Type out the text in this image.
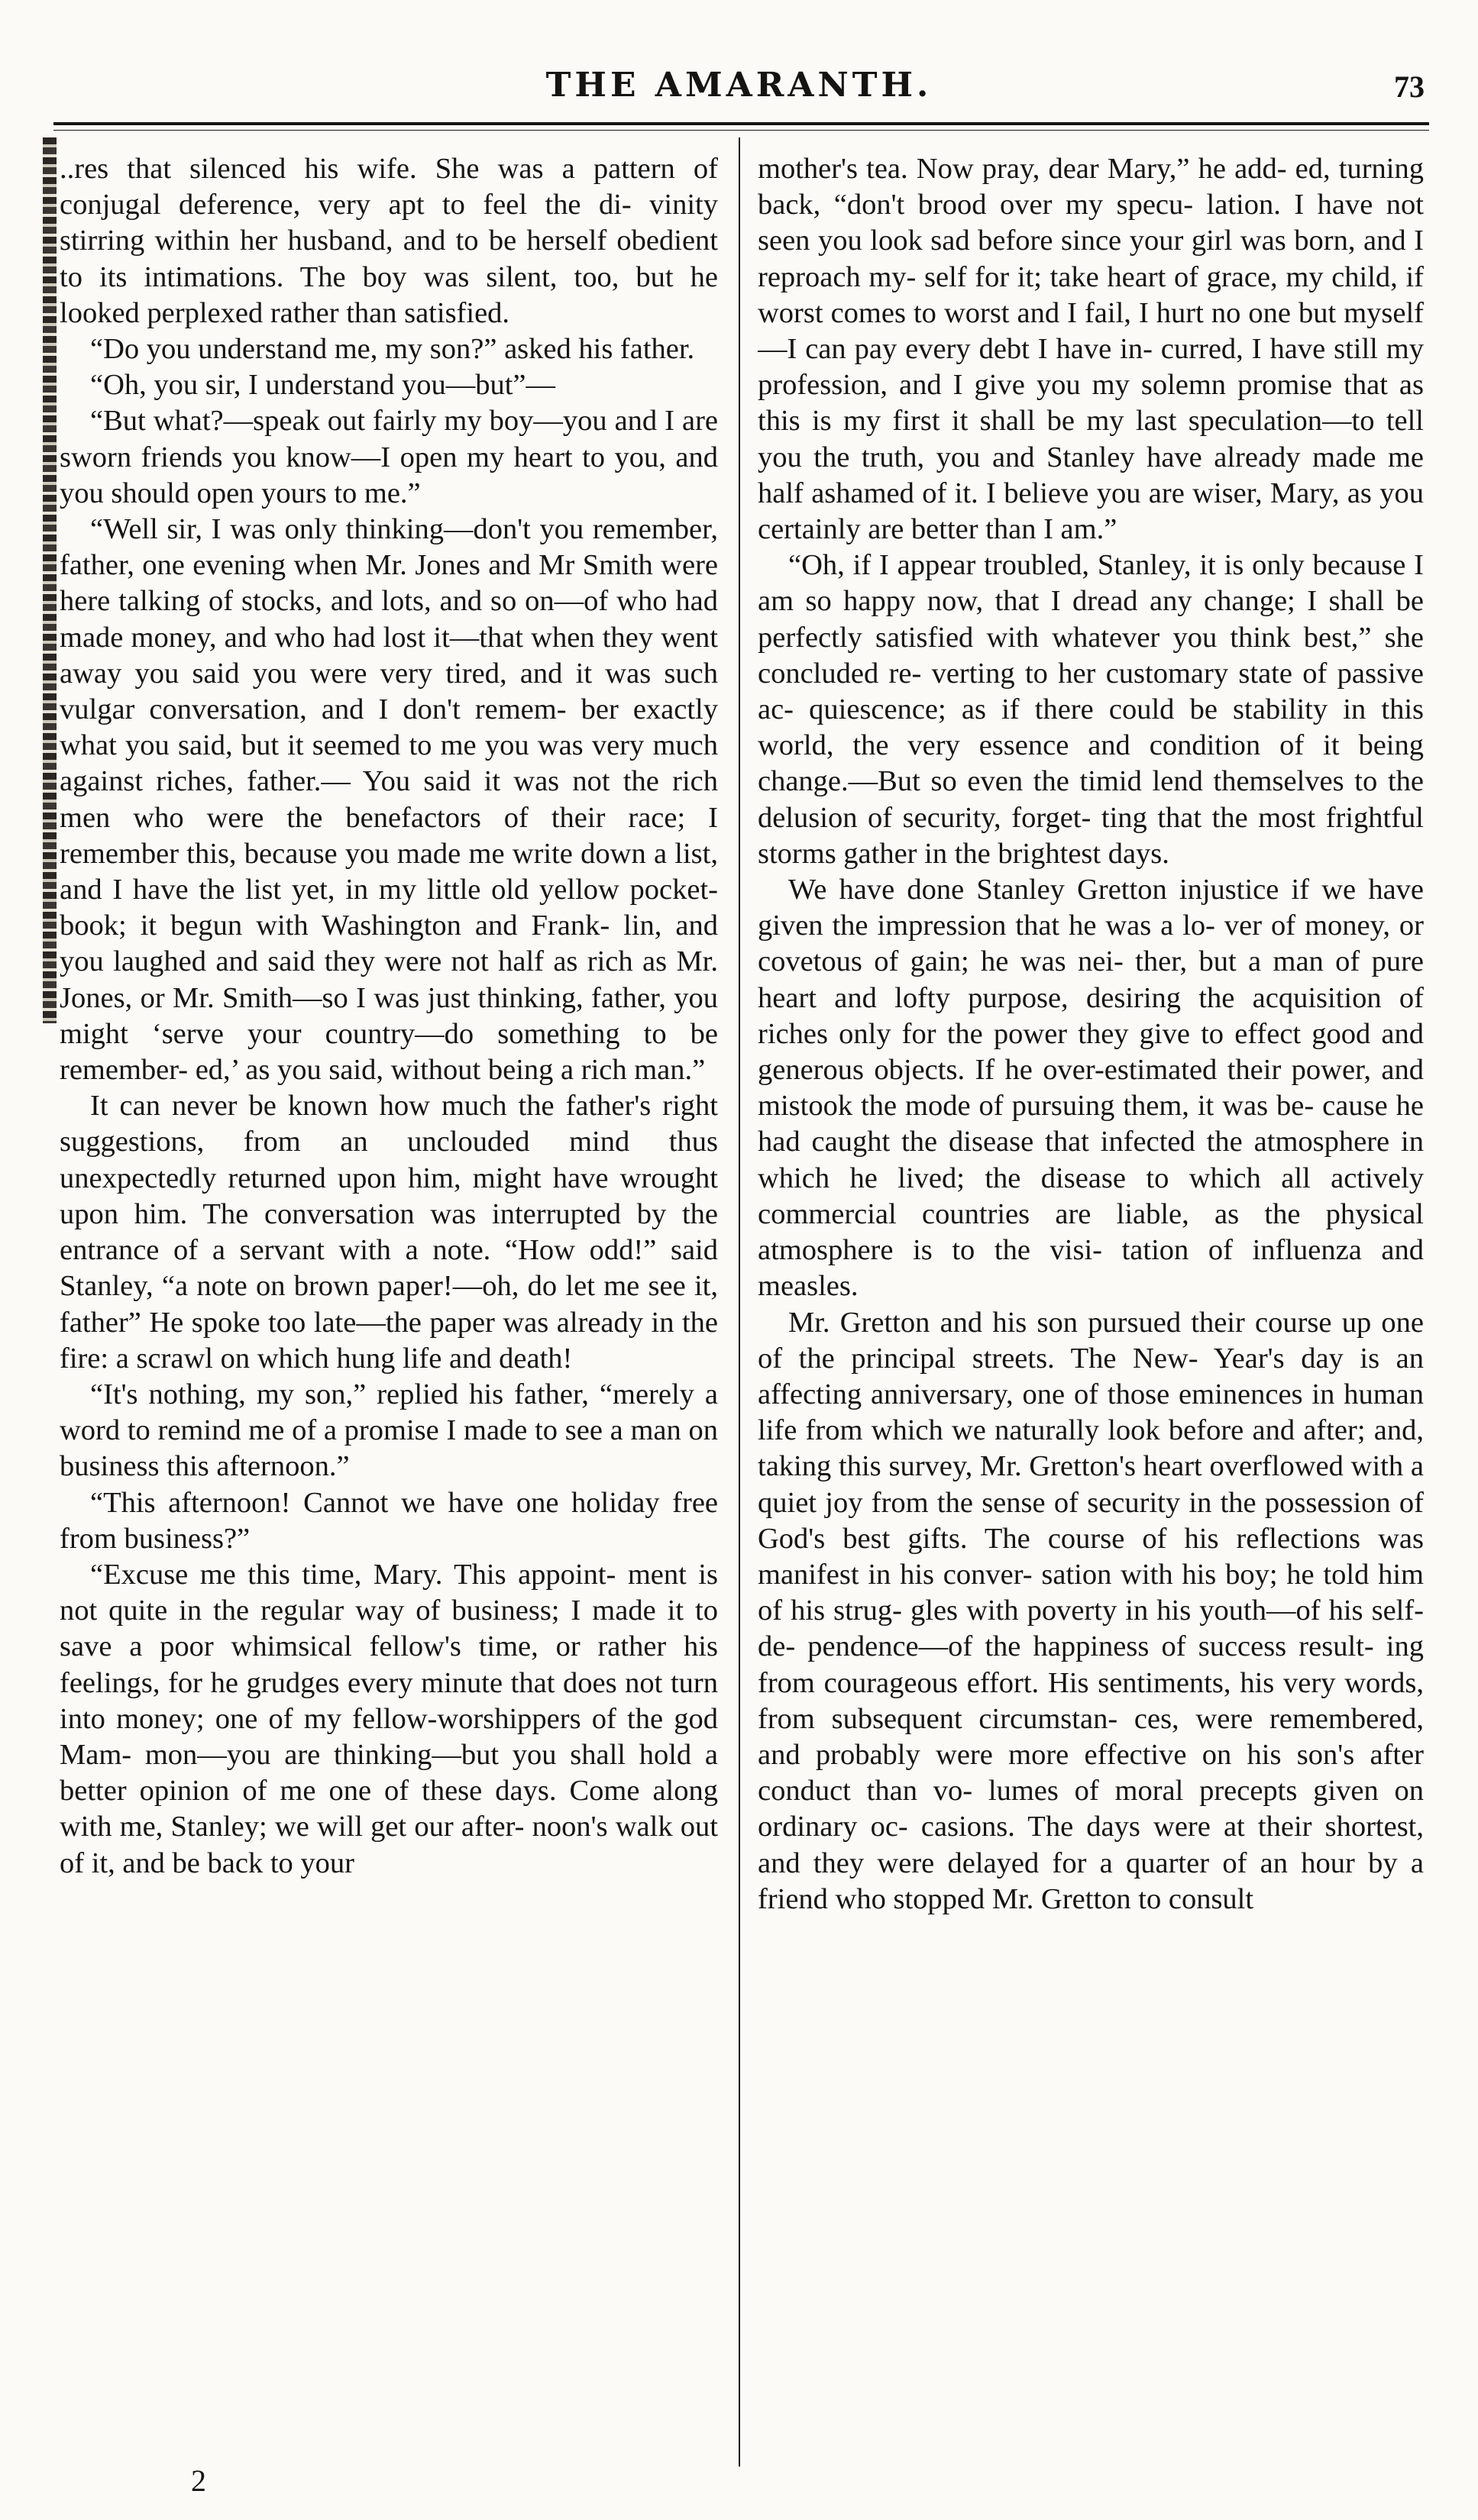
THE AMARANTH.	73

..res that silenced his wife. She was a pattern of conjugal deference, very apt to feel the di- vinity stirring within her husband, and to be herself obedient to its intimations. The boy was silent, too, but he looked perplexed rather than satisfied.

“Do you understand me, my son?” asked his father.

“Oh, you sir, I understand you—but”—

“But what?—speak out fairly my boy—you and I are sworn friends you know—I open my heart to you, and you should open yours to me.”

“Well sir, I was only thinking—don't you remember, father, one evening when Mr. Jones and Mr Smith were here talking of stocks, and lots, and so on—of who had made money, and who had lost it—that when they went away you said you were very tired, and it was such vulgar conversation, and I don't remem- ber exactly what you said, but it seemed to me you was very much against riches, father.— You said it was not the rich men who were the benefactors of their race; I remember this, because you made me write down a list, and I have the list yet, in my little old yellow pocket- book; it begun with Washington and Frank- lin, and you laughed and said they were not half as rich as Mr. Jones, or Mr. Smith—so I was just thinking, father, you might ‘serve your country—do something to be remember- ed,’ as you said, without being a rich man.”

It can never be known how much the father's right suggestions, from an unclouded mind thus unexpectedly returned upon him, might have wrought upon him. The conversation was interrupted by the entrance of a servant with a note. “How odd!” said Stanley, “a note on brown paper!—oh, do let me see it, father” He spoke too late—the paper was already in the fire: a scrawl on which hung life and death!

“It's nothing, my son,” replied his father, “merely a word to remind me of a promise I made to see a man on business this afternoon.”

“This afternoon! Cannot we have one holiday free from business?”

“Excuse me this time, Mary. This appoint- ment is not quite in the regular way of business; I made it to save a poor whimsical fellow's time, or rather his feelings, for he grudges every minute that does not turn into money; one of my fellow-worshippers of the god Mam- mon—you are thinking—but you shall hold a better opinion of me one of these days. Come along with me, Stanley; we will get our after- noon's walk out of it, and be back to your

mother's tea. Now pray, dear Mary,” he add- ed, turning back, “don't brood over my specu- lation. I have not seen you look sad before since your girl was born, and I reproach my- self for it; take heart of grace, my child, if worst comes to worst and I fail, I hurt no one but myself—I can pay every debt I have in- curred, I have still my profession, and I give you my solemn promise that as this is my first it shall be my last speculation—to tell you the truth, you and Stanley have already made me half ashamed of it. I believe you are wiser, Mary, as you certainly are better than I am.”

“Oh, if I appear troubled, Stanley, it is only because I am so happy now, that I dread any change; I shall be perfectly satisfied with whatever you think best,” she concluded re- verting to her customary state of passive ac- quiescence; as if there could be stability in this world, the very essence and condition of it being change.—But so even the timid lend themselves to the delusion of security, forget- ting that the most frightful storms gather in the brightest days.

We have done Stanley Gretton injustice if we have given the impression that he was a lo- ver of money, or covetous of gain; he was nei- ther, but a man of pure heart and lofty purpose, desiring the acquisition of riches only for the power they give to effect good and generous objects. If he over-estimated their power, and mistook the mode of pursuing them, it was be- cause he had caught the disease that infected the atmosphere in which he lived; the disease to which all actively commercial countries are liable, as the physical atmosphere is to the visi- tation of influenza and measles.

Mr. Gretton and his son pursued their course up one of the principal streets. The New- Year's day is an affecting anniversary, one of those eminences in human life from which we naturally look before and after; and, taking this survey, Mr. Gretton's heart overflowed with a quiet joy from the sense of security in the possession of God's best gifts. The course of his reflections was manifest in his conver- sation with his boy; he told him of his strug- gles with poverty in his youth—of his self-de- pendence—of the happiness of success result- ing from courageous effort. His sentiments, his very words, from subsequent circumstan- ces, were remembered, and probably were more effective on his son's after conduct than vo- lumes of moral precepts given on ordinary oc- casions. The days were at their shortest, and they were delayed for a quarter of an hour by a friend who stopped Mr. Gretton to consult

2
